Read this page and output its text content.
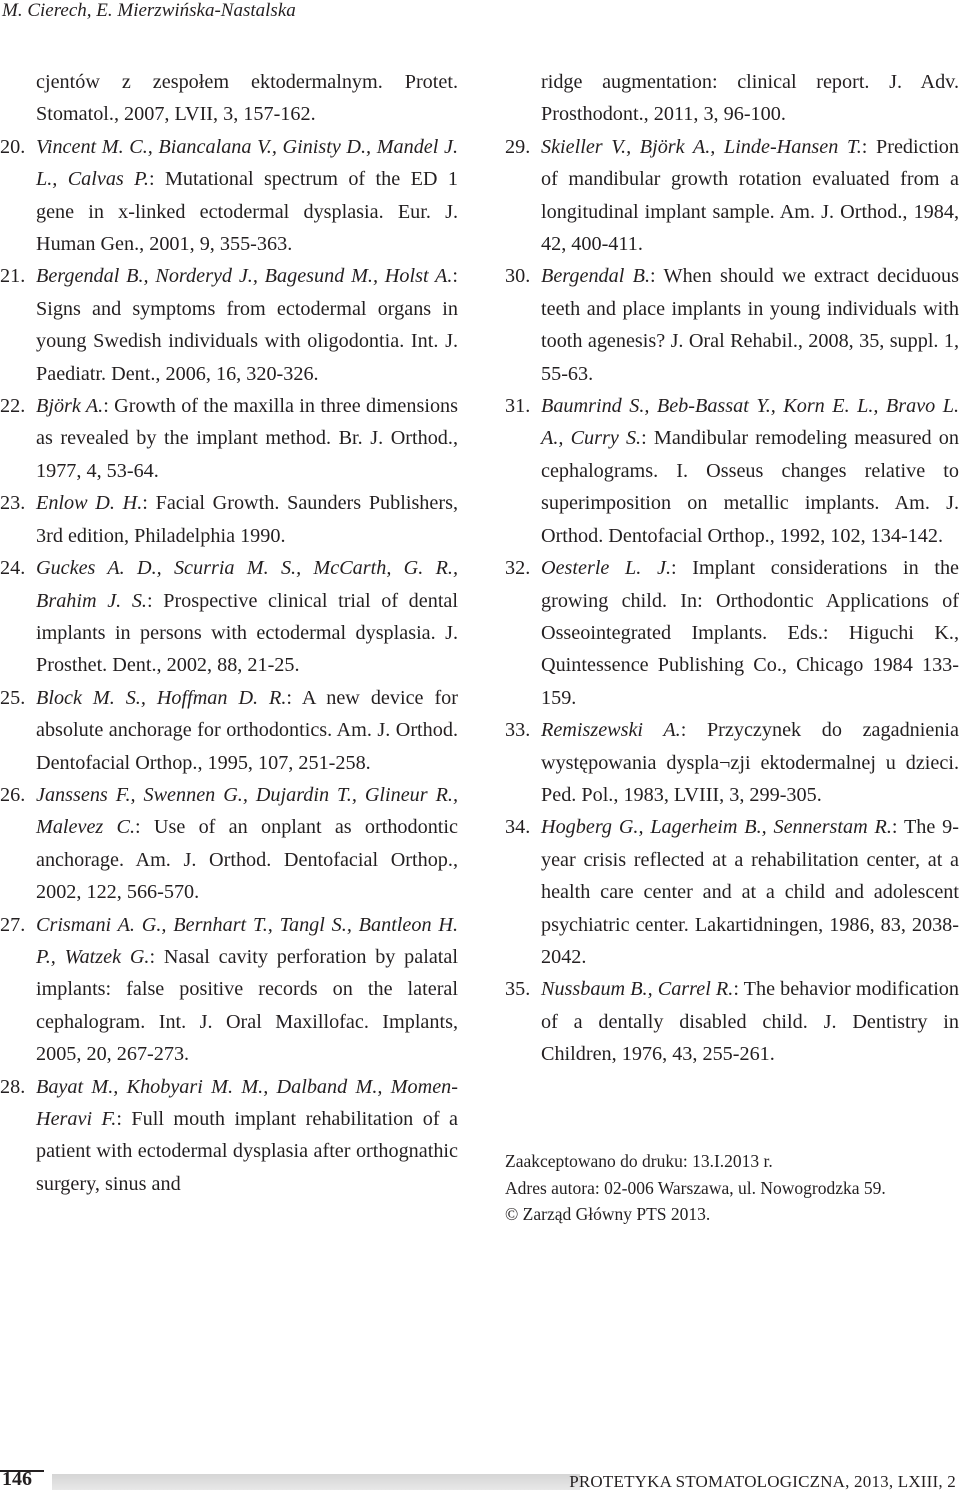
M. Cierech, E. Mierzwińska-Nastalska
cjentów z zespołem ektodermalnym. Protet. Stomatol., 2007, LVII, 3, 157-162.
20. Vincent M. C., Biancalana V., Ginisty D., Mandel J. L., Calvas P.: Mutational spectrum of the ED 1 gene in x-linked ectodermal dysplasia. Eur. J. Human Gen., 2001, 9, 355-363.
21. Bergendal B., Norderyd J., Bagesund M., Holst A.: Signs and symptoms from ectodermal organs in young Swedish individuals with oligodontia. Int. J. Paediatr. Dent., 2006, 16, 320-326.
22. Björk A.: Growth of the maxilla in three dimensions as revealed by the implant method. Br. J. Orthod., 1977, 4, 53-64.
23. Enlow D. H.: Facial Growth. Saunders Publishers, 3rd edition, Philadelphia 1990.
24. Guckes A. D., Scurria M. S., McCarth, G. R., Brahim J. S.: Prospective clinical trial of dental implants in persons with ectodermal dysplasia. J. Prosthet. Dent., 2002, 88, 21-25.
25. Block M. S., Hoffman D. R.: A new device for absolute anchorage for orthodontics. Am. J. Orthod. Dentofacial Orthop., 1995, 107, 251-258.
26. Janssens F., Swennen G., Dujardin T., Glineur R., Malevez C.: Use of an onplant as orthodontic anchorage. Am. J. Orthod. Dentofacial Orthop., 2002, 122, 566-570.
27. Crismani A. G., Bernhart T., Tangl S., Bantleon H. P., Watzek G.: Nasal cavity perforation by palatal implants: false positive records on the lateral cephalogram. Int. J. Oral Maxillofac. Implants, 2005, 20, 267-273.
28. Bayat M., Khobyari M. M., Dalband M., Momen-Heravi F.: Full mouth implant rehabilitation of a patient with ectodermal dysplasia after orthognathic surgery, sinus and
ridge augmentation: clinical report. J. Adv. Prosthodont., 2011, 3, 96-100.
29. Skieller V., Björk A., Linde-Hansen T.: Prediction of mandibular growth rotation evaluated from a longitudinal implant sample. Am. J. Orthod., 1984, 42, 400-411.
30. Bergendal B.: When should we extract deciduous teeth and place implants in young individuals with tooth agenesis? J. Oral Rehabil., 2008, 35, suppl. 1, 55-63.
31. Baumrind S., Beb-Bassat Y., Korn E. L., Bravo L. A., Curry S.: Mandibular remodeling measured on cephalograms. I. Osseus changes relative to superimposition on metallic implants. Am. J. Orthod. Dentofacial Orthop., 1992, 102, 134-142.
32. Oesterle L. J.: Implant considerations in the growing child. In: Orthodontic Applications of Osseointegrated Implants. Eds.: Higuchi K., Quintessence Publishing Co., Chicago 1984 133-159.
33. Remiszewski A.: Przyczynek do zagadnienia występowania dyspla¬zji ektodermalnej u dzieci. Ped. Pol., 1983, LVIII, 3, 299-305.
34. Hogberg G., Lagerheim B., Sennerstam R.: The 9-year crisis reflected at a rehabilitation center, at a health care center and at a child and adolescent psychiatric center. Lakartidningen, 1986, 83, 2038-2042.
35. Nussbaum B., Carrel R.: The behavior modification of a dentally disabled child. J. Dentistry in Children, 1976, 43, 255-261.
Zaakceptowano do druku: 13.I.2013 r.
Adres autora: 02-006 Warszawa, ul. Nowogrodzka 59.
© Zarząd Główny PTS 2013.
146	PROTETYKA STOMATOLOGICZNA, 2013, LXIII, 2
